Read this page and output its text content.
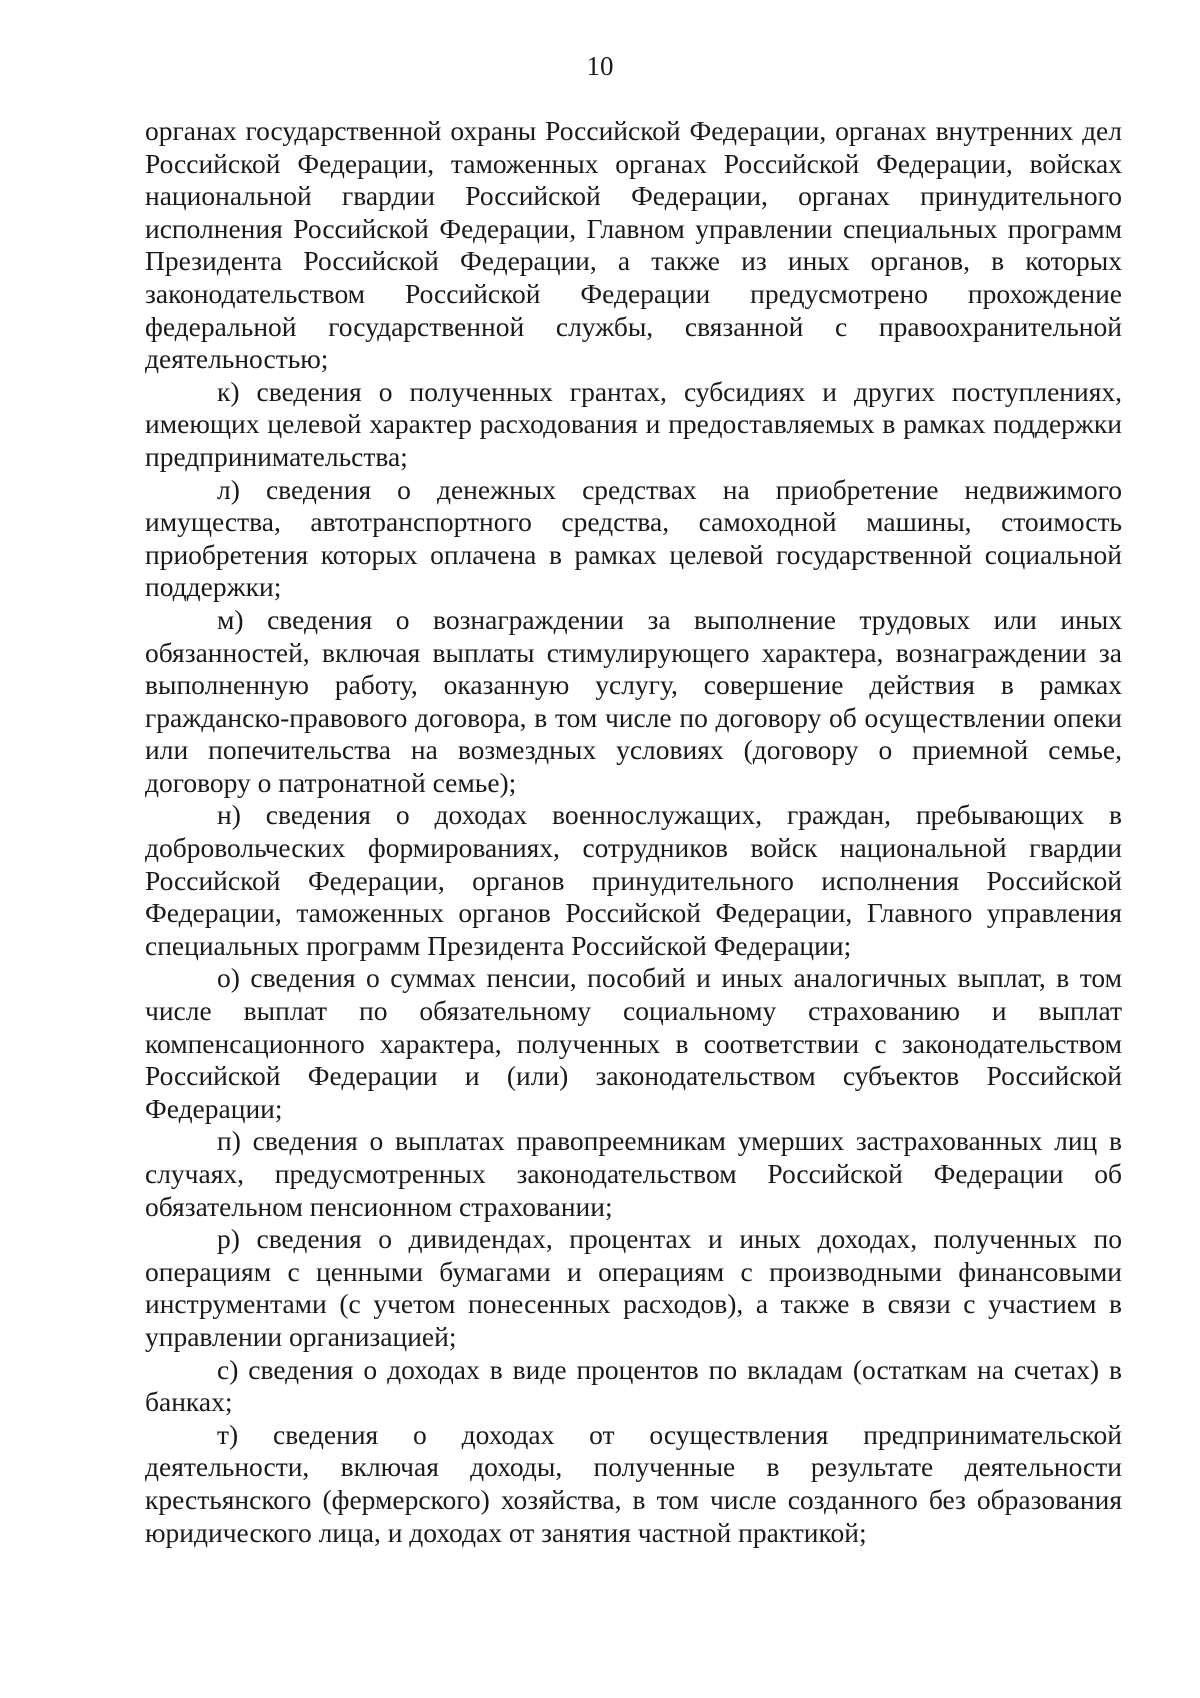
10

органах государственной охраны Российской Федерации, органах внутренних дел Российской Федерации, таможенных органах Российской Федерации, войсках национальной гвардии Российской Федерации, органах принудительного исполнения Российской Федерации, Главном управлении специальных программ Президента Российской Федерации, а также из иных органов, в которых законодательством Российской Федерации предусмотрено прохождение федеральной государственной службы, связанной с правоохранительной деятельностью;

к) сведения о полученных грантах, субсидиях и других поступлениях, имеющих целевой характер расходования и предоставляемых в рамках поддержки предпринимательства;

л) сведения о денежных средствах на приобретение недвижимого имущества, автотранспортного средства, самоходной машины, стоимость приобретения которых оплачена в рамках целевой государственной социальной поддержки;

м) сведения о вознаграждении за выполнение трудовых или иных обязанностей, включая выплаты стимулирующего характера, вознаграждении за выполненную работу, оказанную услугу, совершение действия в рамках гражданско-правового договора, в том числе по договору об осуществлении опеки или попечительства на возмездных условиях (договору о приемной семье, договору о патронатной семье);

н) сведения о доходах военнослужащих, граждан, пребывающих в добровольческих формированиях, сотрудников войск национальной гвардии Российской Федерации, органов принудительного исполнения Российской Федерации, таможенных органов Российской Федерации, Главного управления специальных программ Президента Российской Федерации;

о) сведения о суммах пенсии, пособий и иных аналогичных выплат, в том числе выплат по обязательному социальному страхованию и выплат компенсационного характера, полученных в соответствии с законодательством Российской Федерации и (или) законодательством субъектов Российской Федерации;

п) сведения о выплатах правопреемникам умерших застрахованных лиц в случаях, предусмотренных законодательством Российской Федерации об обязательном пенсионном страховании;

р) сведения о дивидендах, процентах и иных доходах, полученных по операциям с ценными бумагами и операциям с производными финансовыми инструментами (с учетом понесенных расходов), а также в связи с участием в управлении организацией;

с) сведения о доходах в виде процентов по вкладам (остаткам на счетах) в банках;

т) сведения о доходах от осуществления предпринимательской деятельности, включая доходы, полученные в результате деятельности крестьянского (фермерского) хозяйства, в том числе созданного без образования юридического лица, и доходах от занятия частной практикой;
